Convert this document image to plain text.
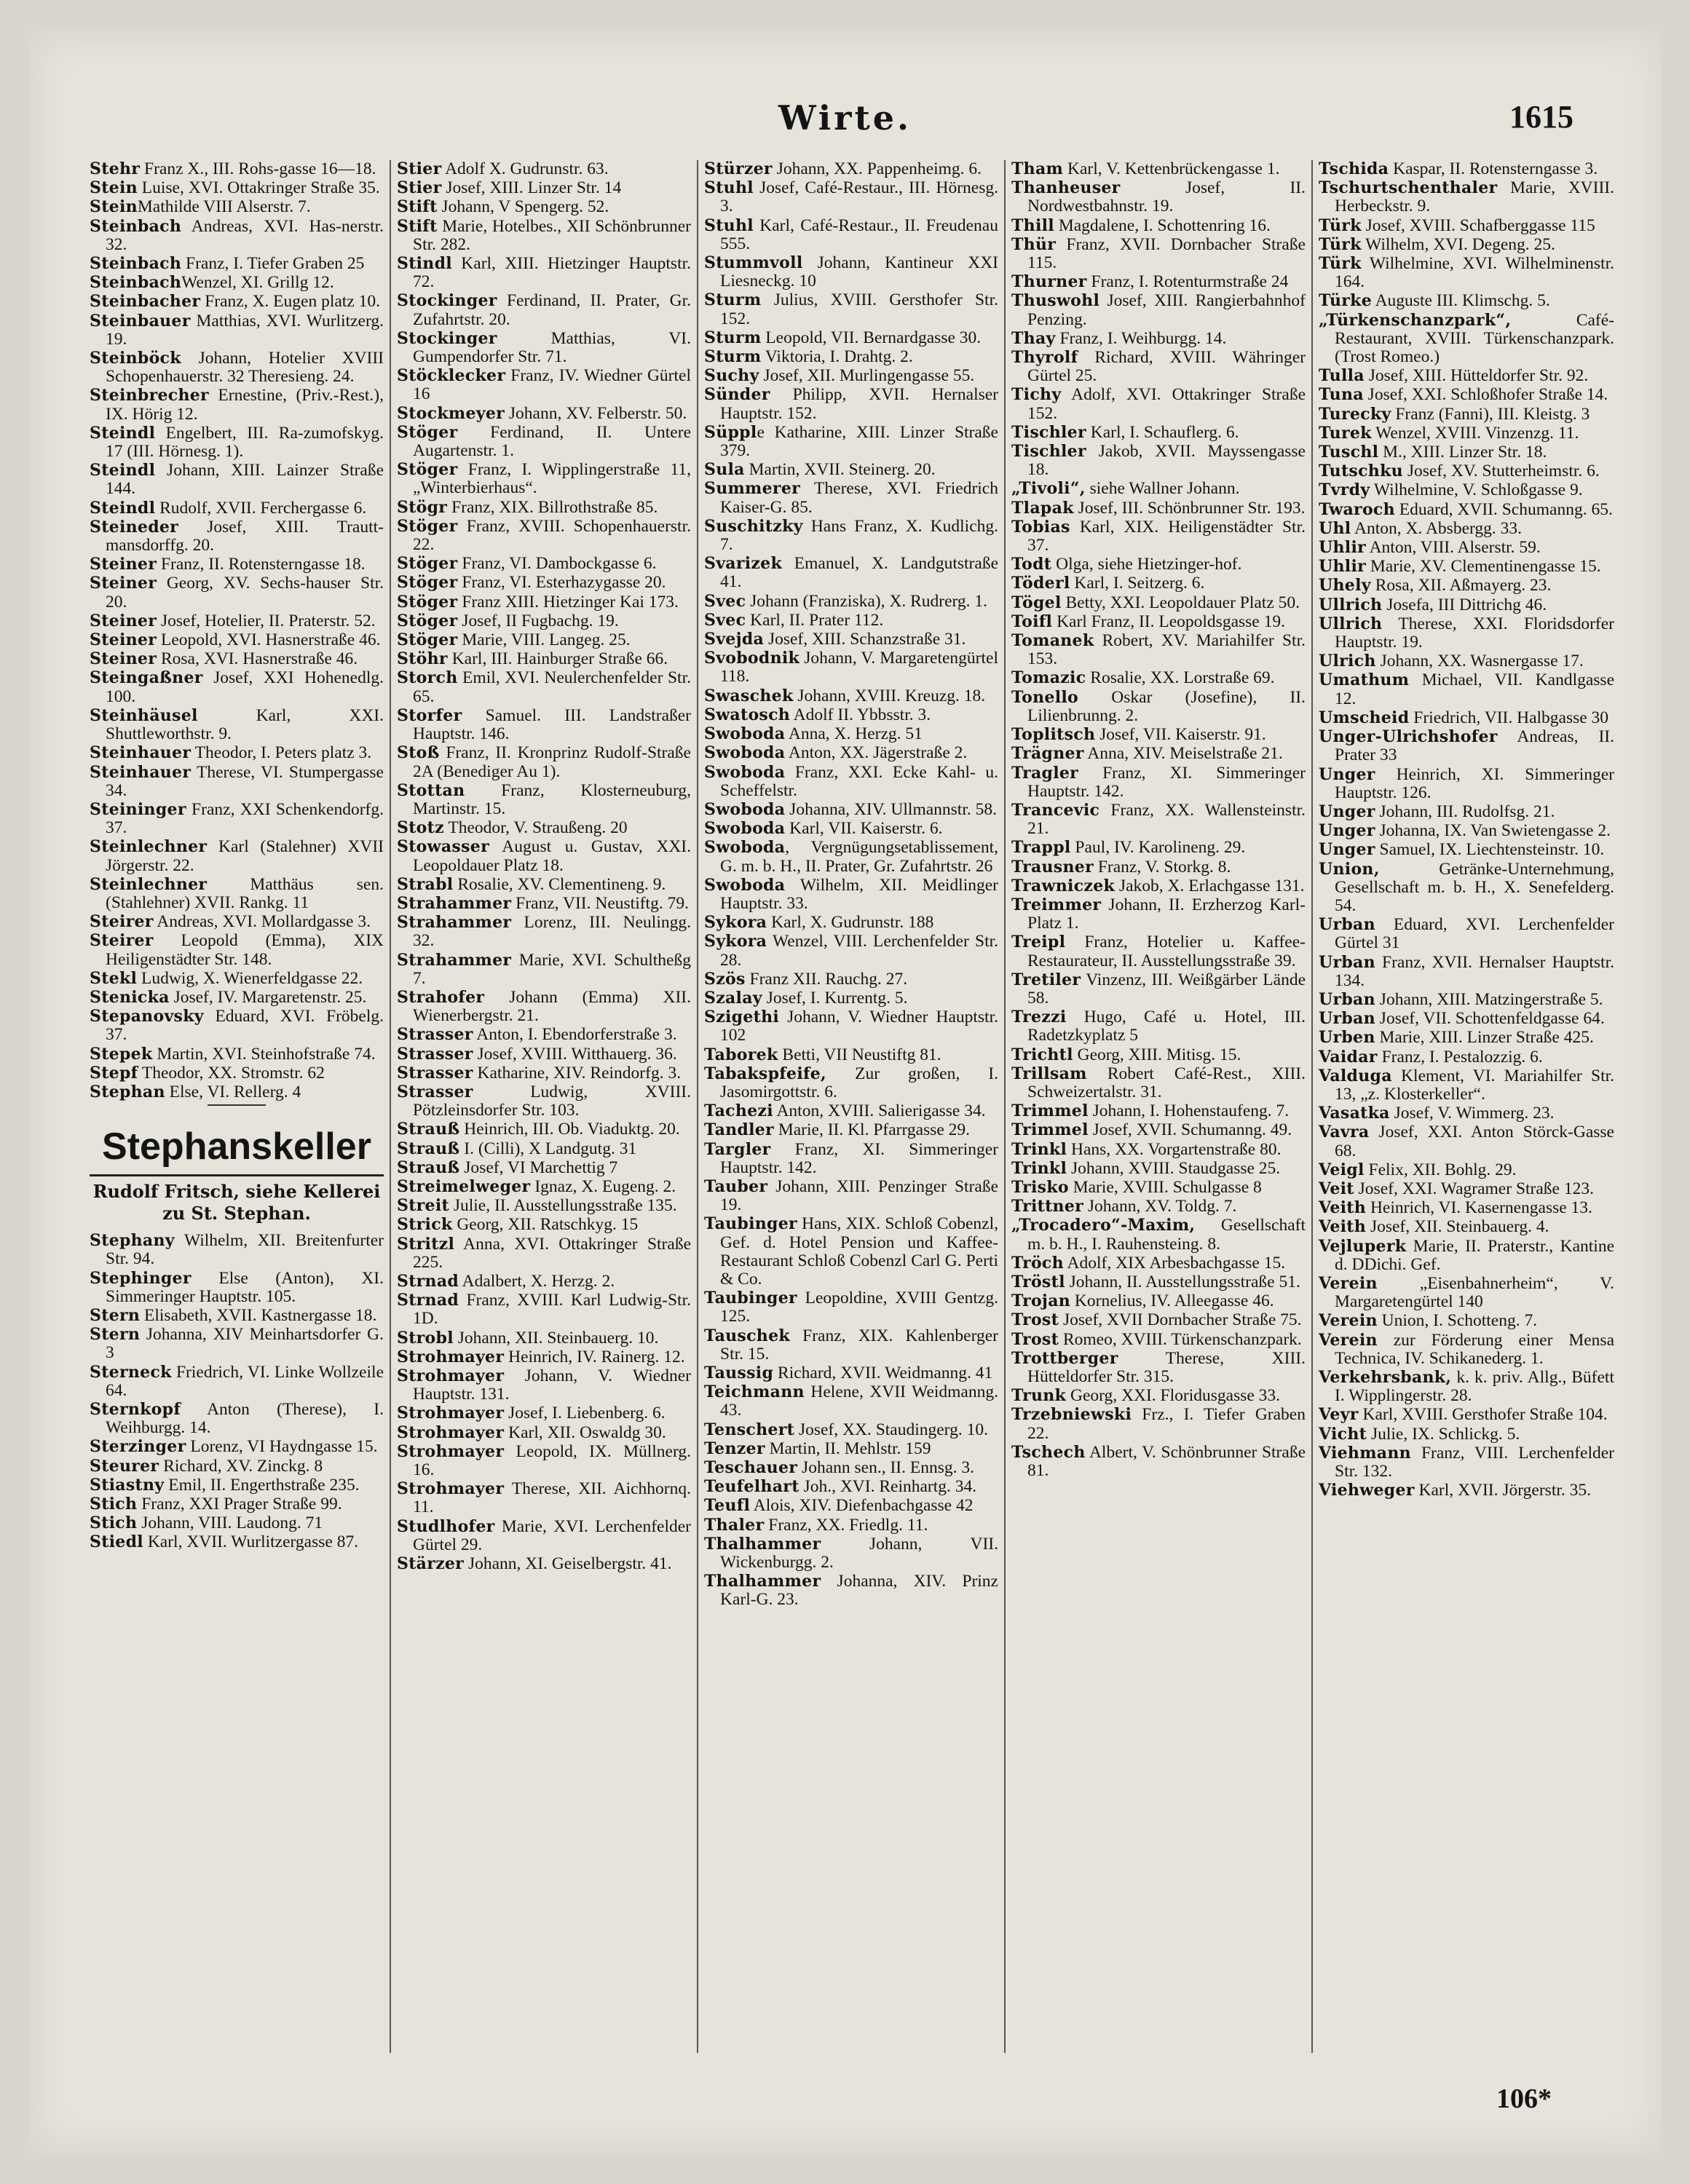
Wirte.	1615
Stehr Franz X., III. Rohs-gasse 16—18.
Stein Luise, XVI. Ottakringer Straße 35.
SteinMathilde VIII Alserstr. 7.
Steinbach Andreas, XVI. Has-nerstr. 32.
Steinbach Franz, I. Tiefer Graben 25
SteinbachWenzel, XI. Grillg 12.
Steinbacher Franz, X. Eugen platz 10.
Steinbauer Matthias, XVI. Wurlitzerg. 19.
Steinböck Johann, Hotelier XVIII Schopenhauerstr. 32 Theresieng. 24.
Steinbrecher Ernestine, (Priv.-Rest.), IX. Hörig 12.
Steindl Engelbert, III. Ra-zumofskyg. 17 (III. Hörnesg. 1).
Steindl Johann, XIII. Lainzer Straße 144.
Steindl Rudolf, XVII. Ferchergasse 6.
Steineder Josef, XIII. Trautt-mansdorffg. 20.
Steiner Franz, II. Rotensterngasse 18.
Steiner Georg, XV. Sechs-hauser Str. 20.
Steiner Josef, Hotelier, II. Praterstr. 52.
Steiner Leopold, XVI. Hasnerstraße 46.
Steiner Rosa, XVI. Hasnerstraße 46.
Steingaßner Josef, XXI Hohenedlg. 100.
Steinhäusel Karl, XXI. Shuttleworthstr. 9.
Steinhauer Theodor, I. Peters platz 3.
Steinhauer Therese, VI. Stumpergasse 34.
Steininger Franz, XXI Schenkendorfg. 37.
Steinlechner Karl (Stalehner) XVII Jörgerstr. 22.
Steinlechner Matthäus sen. (Stahlehner) XVII. Rankg. 11
Steirer Andreas, XVI. Mollardgasse 3.
Steirer Leopold (Emma), XIX Heiligenstädter Str. 148.
Stekl Ludwig, X. Wienerfeldgasse 22.
Stenicka Josef, IV. Margaretenstr. 25.
Stepanovsky Eduard, XVI. Fröbelg. 37.
Stepek Martin, XVI. Steinhofstraße 74.
Stepf Theodor, XX. Stromstr. 62
Stephan Else, VI. Rellerg. 4
Stephanskeller
Rudolf Fritsch, siehe Kellerei zu St. Stephan.
Stephany Wilhelm, XII. Breitenfurter Str. 94.
Stephinger Else (Anton), XI. Simmeringer Hauptstr. 105.
Stern Elisabeth, XVII. Kastnergasse 18.
Stern Johanna, XIV Meinhartsdorfer G. 3
Sterneck Friedrich, VI. Linke Wollzeile 64.
Sternkopf Anton (Therese), I. Weihburgg. 14.
Sterzinger Lorenz, VI Haydngasse 15.
Steurer Richard, XV. Zinckg. 8
Stiastny Emil, II. Engerthstraße 235.
Stich Franz, XXI Prager Straße 99.
Stich Johann, VIII. Laudong. 71
Stiedl Karl, XVII. Wurlitzergasse 87.
Stier Adolf X. Gudrunstr. 63.
Stier Josef, XIII. Linzer Str. 14
Stift Johann, V Spengerg. 52.
Stift Marie, Hotelbes., XII Schönbrunner Str. 282.
Stindl Karl, XIII. Hietzinger Hauptstr. 72.
Stockinger Ferdinand, II. Prater, Gr. Zufahrtstr. 20.
Stockinger Matthias, VI. Gumpendorfer Str. 71.
Stöcklecker Franz, IV. Wiedner Gürtel 16
Stockmeyer Johann, XV. Felberstr. 50.
Stöger Ferdinand, II. Untere Augartenstr. 1.
Stöger Franz, I. Wipplingerstraße 11, „Winterbierhaus“.
Stögr Franz, XIX. Billrothstraße 85.
Stöger Franz, XVIII. Schopenhauerstr. 22.
Stöger Franz, VI. Dambockgasse 6.
Stöger Franz, VI. Esterhazygasse 20.
Stöger Franz XIII. Hietzinger Kai 173.
Stöger Josef, II Fugbachg. 19.
Stöger Marie, VIII. Langeg. 25.
Stöhr Karl, III. Hainburger Straße 66.
Storch Emil, XVI. Neulerchenfelder Str. 65.
Storfer Samuel. III. Landstraßer Hauptstr. 146.
Stoß Franz, II. Kronprinz Rudolf-Straße 2A (Benediger Au 1).
Stottan Franz, Klosterneuburg, Martinstr. 15.
Stotz Theodor, V. Straußeng. 20
Stowasser August u. Gustav, XXI. Leopoldauer Platz 18.
Strabl Rosalie, XV. Clementineng. 9.
Strahammer Franz, VII. Neustiftg. 79.
Strahammer Lorenz, III. Neulingg. 32.
Strahammer Marie, XVI. Schultheßg 7.
Strahofer Johann (Emma) XII. Wienerbergstr. 21.
Strasser Anton, I. Ebendorferstraße 3.
Strasser Josef, XVIII. Witthauerg. 36.
Strasser Katharine, XIV. Reindorfg. 3.
Strasser Ludwig, XVIII. Pötzleinsdorfer Str. 103.
Strauß Heinrich, III. Ob. Viaduktg. 20.
Strauß I. (Cilli), X Landgutg. 31
Strauß Josef, VI Marchettig 7
Streimelweger Ignaz, X. Eugeng. 2.
Streit Julie, II. Ausstellungsstraße 135.
Strick Georg, XII. Ratschkyg. 15
Stritzl Anna, XVI. Ottakringer Straße 225.
Strnad Adalbert, X. Herzg. 2.
Strnad Franz, XVIII. Karl Ludwig-Str. 1D.
Strobl Johann, XII. Steinbauerg. 10.
Strohmayer Heinrich, IV. Rainerg. 12.
Strohmayer Johann, V. Wiedner Hauptstr. 131.
Strohmayer Josef, I. Liebenberg. 6.
Strohmayer Karl, XII. Oswaldg 30.
Strohmayer Leopold, IX. Müllnerg. 16.
Strohmayer Therese, XII. Aichhornq. 11.
Studlhofer Marie, XVI. Lerchenfelder Gürtel 29.
Stärzer Johann, XI. Geiselbergstr. 41.
Stürzer Johann, XX. Pappenheimg. 6.
Stuhl Josef, Café-Restaur., III. Hörnesg. 3.
Stuhl Karl, Café-Restaur., II. Freudenau 555.
Stummvoll Johann, Kantineur XXI Liesneckg. 10
Sturm Julius, XVIII. Gersthofer Str. 152.
Sturm Leopold, VII. Bernardgasse 30.
Sturm Viktoria, I. Drahtg. 2.
Suchy Josef, XII. Murlingengasse 55.
Sünder Philipp, XVII. Hernalser Hauptstr. 152.
Süpple Katharine, XIII. Linzer Straße 379.
Sula Martin, XVII. Steinerg. 20.
Summerer Therese, XVI. Friedrich Kaiser-G. 85.
Suschitzky Hans Franz, X. Kudlichg. 7.
Svarizek Emanuel, X. Landgutstraße 41.
Svec Johann (Franziska), X. Rudrerg. 1.
Svec Karl, II. Prater 112.
Svejda Josef, XIII. Schanzstraße 31.
Svobodnik Johann, V. Margaretengürtel 118.
Swaschek Johann, XVIII. Kreuzg. 18.
Swatosch Adolf II. Ybbsstr. 3.
Swoboda Anna, X. Herzg. 51
Swoboda Anton, XX. Jägerstraße 2.
Swoboda Franz, XXI. Ecke Kahl- u. Scheffelstr.
Swoboda Johanna, XIV. Ullmannstr. 58.
Swoboda Karl, VII. Kaiserstr. 6.
Swoboda, Vergnügungsetablissement, G. m. b. H., II. Prater, Gr. Zufahrtstr. 26
Swoboda Wilhelm, XII. Meidlinger Hauptstr. 33.
Sykora Karl, X. Gudrunstr. 188
Sykora Wenzel, VIII. Lerchenfelder Str. 28.
Szös Franz XII. Rauchg. 27.
Szalay Josef, I. Kurrentg. 5.
Szigethi Johann, V. Wiedner Hauptstr. 102
Taborek Betti, VII Neustiftg 81.
Tabakspfeife, Zur großen, I. Jasomirgottstr. 6.
Tachezi Anton, XVIII. Salierigasse 34.
Tandler Marie, II. Kl. Pfarrgasse 29.
Targler Franz, XI. Simmeringer Hauptstr. 142.
Tauber Johann, XIII. Penzinger Straße 19.
Taubinger Hans, XIX. Schloß Cobenzl, Gef. d. Hotel Pension und Kaffee-Restaurant Schloß Cobenzl Carl G. Perti & Co.
Taubinger Leopoldine, XVIII Gentzg. 125.
Tauschek Franz, XIX. Kahlenberger Str. 15.
Taussig Richard, XVII. Weidmanng. 41
Teichmann Helene, XVII Weidmanng. 43.
Tenschert Josef, XX. Staudingerg. 10.
Tenzer Martin, II. Mehlstr. 159
Teschauer Johann sen., II. Ennsg. 3.
Teufelhart Joh., XVI. Reinhartg. 34.
Teufl Alois, XIV. Diefenbachgasse 42
Thaler Franz, XX. Friedlg. 11.
Thalhammer Johann, VII. Wickenburgg. 2.
Thalhammer Johanna, XIV. Prinz Karl-G. 23.
Tham Karl, V. Kettenbrückengasse 1.
Thanheuser Josef, II. Nordwestbahnstr. 19.
Thill Magdalene, I. Schottenring 16.
Thür Franz, XVII. Dornbacher Straße 115.
Thurner Franz, I. Rotenturmstraße 24
Thuswohl Josef, XIII. Rangierbahnhof Penzing.
Thay Franz, I. Weihburgg. 14.
Thyrolf Richard, XVIII. Währinger Gürtel 25.
Tichy Adolf, XVI. Ottakringer Straße 152.
Tischler Karl, I. Schauflerg. 6.
Tischler Jakob, XVII. Mayssengasse 18.
„Tivoli“, siehe Wallner Johann.
Tlapak Josef, III. Schönbrunner Str. 193.
Tobias Karl, XIX. Heiligenstädter Str. 37.
Todt Olga, siehe Hietzinger-hof.
Töderl Karl, I. Seitzerg. 6.
Tögel Betty, XXI. Leopoldauer Platz 50.
Toifl Karl Franz, II. Leopoldsgasse 19.
Tomanek Robert, XV. Mariahilfer Str. 153.
Tomazic Rosalie, XX. Lorstraße 69.
Tonello Oskar (Josefine), II. Lilienbrunng. 2.
Toplitsch Josef, VII. Kaiserstr. 91.
Trägner Anna, XIV. Meiselstraße 21.
Tragler Franz, XI. Simmeringer Hauptstr. 142.
Trancevic Franz, XX. Wallensteinstr. 21.
Trappl Paul, IV. Karolineng. 29.
Trausner Franz, V. Storkg. 8.
Trawniczek Jakob, X. Erlachgasse 131.
Treimmer Johann, II. Erzherzog Karl-Platz 1.
Treipl Franz, Hotelier u. Kaffee-Restaurateur, II. Ausstellungsstraße 39.
Tretiler Vinzenz, III. Weißgärber Lände 58.
Trezzi Hugo, Café u. Hotel, III. Radetzkyplatz 5
Trichtl Georg, XIII. Mitisg. 15.
Trillsam Robert Café-Rest., XIII. Schweizertalstr. 31.
Trimmel Johann, I. Hohenstaufeng. 7.
Trimmel Josef, XVII. Schumanng. 49.
Trinkl Hans, XX. Vorgartenstraße 80.
Trinkl Johann, XVIII. Staudgasse 25.
Trisko Marie, XVIII. Schulgasse 8
Trittner Johann, XV. Toldg. 7.
„Trocadero“-Maxim, Gesellschaft m. b. H., I. Rauhensteing. 8.
Tröch Adolf, XIX Arbesbachgasse 15.
Tröstl Johann, II. Ausstellungsstraße 51.
Trojan Kornelius, IV. Alleegasse 46.
Trost Josef, XVII Dornbacher Straße 75.
Trost Romeo, XVIII. Türkenschanzpark.
Trottberger Therese, XIII. Hütteldorfer Str. 315.
Trunk Georg, XXI. Floridusgasse 33.
Trzebniewski Frz., I. Tiefer Graben 22.
Tschech Albert, V. Schönbrunner Straße 81.
Tschida Kaspar, II. Rotensterngasse 3.
Tschurtschenthaler Marie, XVIII. Herbeckstr. 9.
Türk Josef, XVIII. Schafberggasse 115
Türk Wilhelm, XVI. Degeng. 25.
Türk Wilhelmine, XVI. Wilhelminenstr. 164.
Türke Auguste III. Klimschg. 5.
„Türkenschanzpark“, Café-Restaurant, XVIII. Türkenschanzpark. (Trost Romeo.)
Tulla Josef, XIII. Hütteldorfer Str. 92.
Tuna Josef, XXI. Schloßhofer Straße 14.
Turecky Franz (Fanni), III. Kleistg. 3
Turek Wenzel, XVIII. Vinzenzg. 11.
Tuschl M., XIII. Linzer Str. 18.
Tutschku Josef, XV. Stutterheimstr. 6.
Tvrdy Wilhelmine, V. Schloßgasse 9.
Twaroch Eduard, XVII. Schumanng. 65.
Uhl Anton, X. Absbergg. 33.
Uhlir Anton, VIII. Alserstr. 59.
Uhlir Marie, XV. Clementinengasse 15.
Uhely Rosa, XII. Aßmayerg. 23.
Ullrich Josefa, III Dittrichg 46.
Ullrich Therese, XXI. Floridsdorfer Hauptstr. 19.
Ulrich Johann, XX. Wasnergasse 17.
Umathum Michael, VII. Kandlgasse 12.
Umscheid Friedrich, VII. Halbgasse 30
Unger-Ulrichshofer Andreas, II. Prater 33
Unger Heinrich, XI. Simmeringer Hauptstr. 126.
Unger Johann, III. Rudolfsg. 21.
Unger Johanna, IX. Van Swietengasse 2.
Unger Samuel, IX. Liechtensteinstr. 10.
Union, Getränke-Unternehmung, Gesellschaft m. b. H., X. Senefelderg. 54.
Urban Eduard, XVI. Lerchenfelder Gürtel 31
Urban Franz, XVII. Hernalser Hauptstr. 134.
Urban Johann, XIII. Matzingerstraße 5.
Urban Josef, VII. Schottenfeldgasse 64.
Urben Marie, XIII. Linzer Straße 425.
Vaidar Franz, I. Pestalozzig. 6.
Valduga Klement, VI. Mariahilfer Str. 13, „z. Klosterkeller“.
Vasatka Josef, V. Wimmerg. 23.
Vavra Josef, XXI. Anton Störck-Gasse 68.
Veigl Felix, XII. Bohlg. 29.
Veit Josef, XXI. Wagramer Straße 123.
Veith Heinrich, VI. Kasernengasse 13.
Veith Josef, XII. Steinbauerg. 4.
Vejluperk Marie, II. Praterstr., Kantine d. DDichi. Gef.
Verein „Eisenbahnerheim“, V. Margaretengürtel 140
Verein Union, I. Schotteng. 7.
Verein zur Förderung einer Mensa Technica, IV. Schikanederg. 1.
Verkehrsbank, k. k. priv. Allg., Büfett I. Wipplingerstr. 28.
Veyr Karl, XVIII. Gersthofer Straße 104.
Vicht Julie, IX. Schlickg. 5.
Viehmann Franz, VIII. Lerchenfelder Str. 132.
Viehweger Karl, XVII. Jörgerstr. 35.
106*
